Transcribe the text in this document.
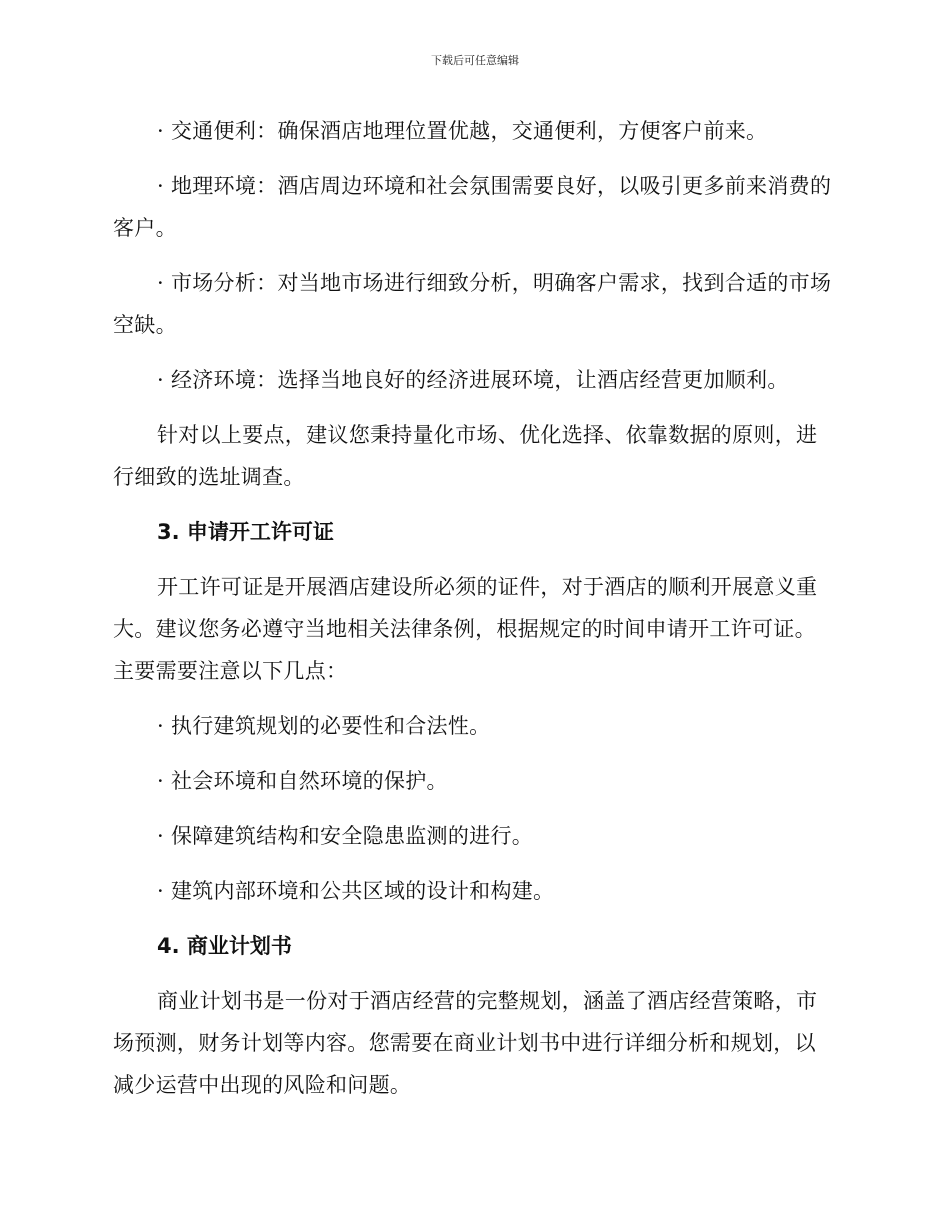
下载后可任意编辑

· 交通便利：确保酒店地理位置优越，交通便利，方便客户前来。

· 地理环境：酒店周边环境和社会氛围需要良好，以吸引更多前来消费的客户。

· 市场分析：对当地市场进行细致分析，明确客户需求，找到合适的市场空缺。

· 经济环境：选择当地良好的经济进展环境，让酒店经营更加顺利。

针对以上要点，建议您秉持量化市场、优化选择、依靠数据的原则，进行细致的选址调查。

3. 申请开工许可证

开工许可证是开展酒店建设所必须的证件，对于酒店的顺利开展意义重大。建议您务必遵守当地相关法律条例，根据规定的时间申请开工许可证。主要需要注意以下几点：

· 执行建筑规划的必要性和合法性。

· 社会环境和自然环境的保护。

· 保障建筑结构和安全隐患监测的进行。

· 建筑内部环境和公共区域的设计和构建。

4. 商业计划书

商业计划书是一份对于酒店经营的完整规划，涵盖了酒店经营策略，市场预测，财务计划等内容。您需要在商业计划书中进行详细分析和规划，以减少运营中出现的风险和问题。
